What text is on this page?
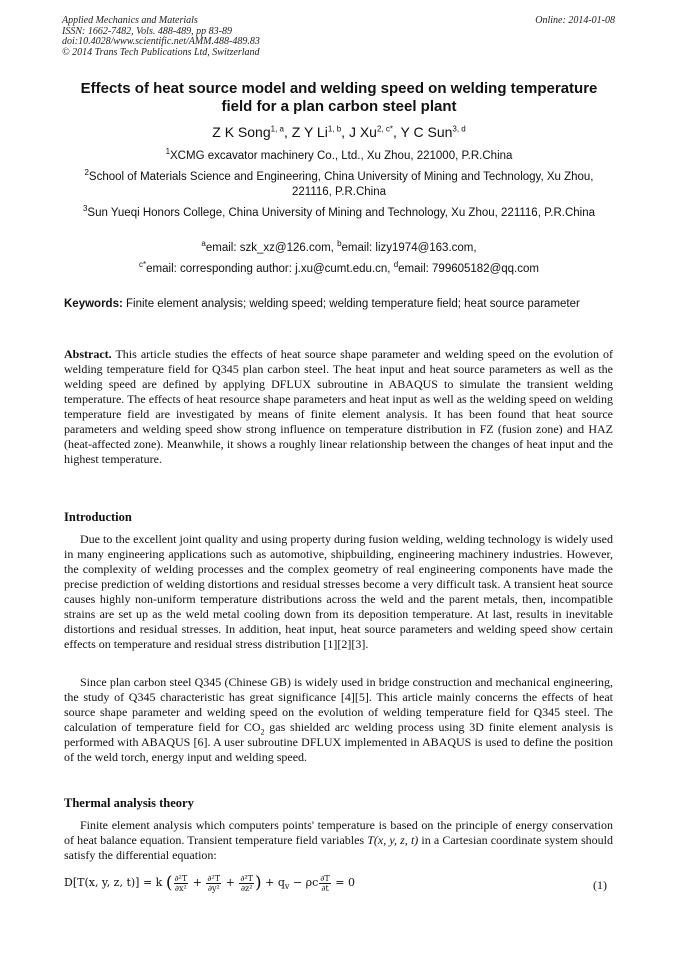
Applied Mechanics and Materials
ISSN: 1662-7482, Vols. 488-489, pp 83-89
doi:10.4028/www.scientific.net/AMM.488-489.83
© 2014 Trans Tech Publications Ltd, Switzerland
Online: 2014-01-08
Effects of heat source model and welding speed on welding temperature
field for a plan carbon steel plant
Z K Song$^{1, a}$, Z Y Li$^{1, b}$, J $Xu^{2, c*}$, Y C Sun$^{3, d}$
$^1$XCMG excavator machinery Co., Ltd., Xu Zhou, 221000, P.R.China
$^2$School of Materials Science and Engineering, China University of Mining and Technology, Xu Zhou, 221116, P.R.China
$^3$Sun Yueqi Honors College, China University of Mining and Technology, Xu Zhou, 221116, P.R.China
$^a$email: szk_xz@126.com, $^b$email: lizy1974@163.com,
$^{c*}$email: corresponding author: j.xu@cumt.edu.cn, $^d$email: 799605182@qq.com
Keywords: Finite element analysis; welding speed; welding temperature field; heat source parameter
Abstract. This article studies the effects of heat source shape parameter and welding speed on the evolution of welding temperature field for Q345 plan carbon steel. The heat input and heat source parameters as well as the welding speed are defined by applying DFLUX subroutine in ABAQUS to simulate the transient welding temperature. The effects of heat resource shape parameters and heat input as well as the welding speed on welding temperature field are investigated by means of finite element analysis. It has been found that heat source parameters and welding speed show strong influence on temperature distribution in FZ (fusion zone) and HAZ (heat-affected zone). Meanwhile, it shows a roughly linear relationship between the changes of heat input and the highest temperature.
Introduction
Due to the excellent joint quality and using property during fusion welding, welding technology is widely used in many engineering applications such as automotive, shipbuilding, engineering machinery industries. However, the complexity of welding processes and the complex geometry of real engineering components have made the precise prediction of welding distortions and residual stresses become a very difficult task. A transient heat source causes highly non-uniform temperature distributions across the weld and the parent metals, then, incompatible strains are set up as the weld metal cooling down from its deposition temperature. At last, results in inevitable distortions and residual stresses. In addition, heat input, heat source parameters and welding speed show certain effects on temperature and residual stress distribution [1][2][3].
Since plan carbon steel Q345 (Chinese GB) is widely used in bridge construction and mechanical engineering, the study of Q345 characteristic has great significance [4][5]. This article mainly concerns the effects of heat source shape parameter and welding speed on the evolution of welding temperature field for Q345 steel. The calculation of temperature field for $CO_2$ gas shielded arc welding process using 3D finite element analysis is performed with ABAQUS [6]. A user subroutine DFLUX implemented in ABAQUS is used to define the position of the weld torch, energy input and welding speed.
Thermal analysis theory
Finite element analysis which computers points' temperature is based on the principle of energy conservation of heat balance equation. Transient temperature field variables T(x, y, z, t) in a Cartesian coordinate system should satisfy the differential equation:
D[T(x, y, z, t)] = k ( $\frac{\text{∂²T}}{\text{∂x²}} + \frac{\text{∂²T}}{\text{∂y²}} + \frac{\text{∂²T}}{\text{∂z²}}$ ) + $q_v - \rho c \frac{\partial T}{\partial t} = 0$	(1)
